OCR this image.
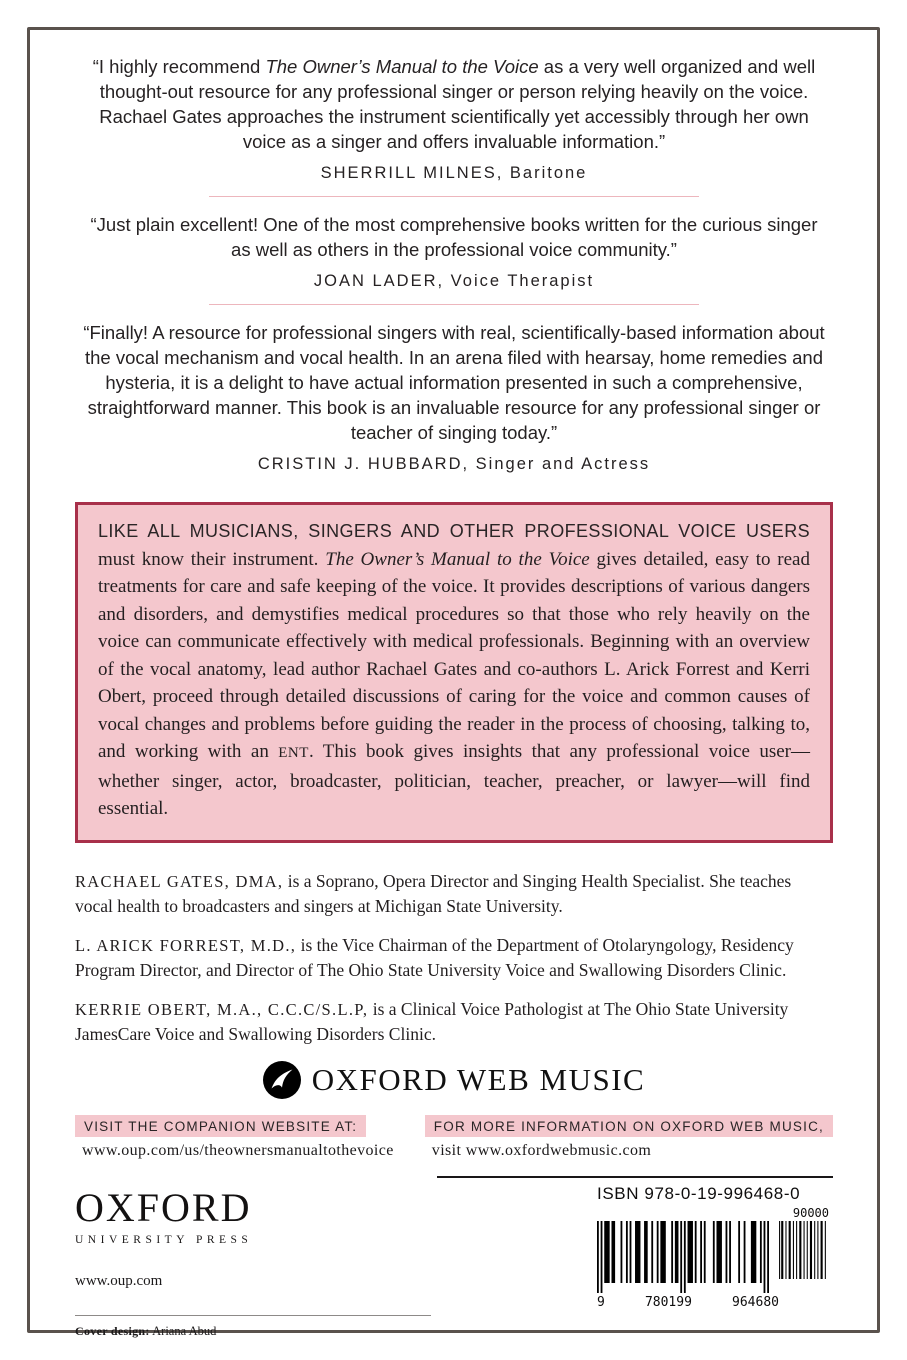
“I highly recommend The Owner’s Manual to the Voice as a very well organized and well thought-out resource for any professional singer or person relying heavily on the voice. Rachael Gates approaches the instrument scientifically yet accessibly through her own voice as a singer and offers invaluable information.”

SHERRILL MILNES, Baritone

“Just plain excellent! One of the most comprehensive books written for the curious singer as well as others in the professional voice community.”

JOAN LADER, Voice Therapist

“Finally! A resource for professional singers with real, scientifically-based information about the vocal mechanism and vocal health. In an arena filed with hearsay, home remedies and hysteria, it is a delight to have actual information presented in such a comprehensive, straightforward manner. This book is an invaluable resource for any professional singer or teacher of singing today.”

CRISTIN J. HUBBARD, Singer and Actress

LIKE ALL MUSICIANS, SINGERS AND OTHER PROFESSIONAL VOICE USERS must know their instrument. The Owner’s Manual to the Voice gives detailed, easy to read treatments for care and safe keeping of the voice. It provides descriptions of various dangers and disorders, and demystifies medical procedures so that those who rely heavily on the voice can communicate effectively with medical professionals. Beginning with an overview of the vocal anatomy, lead author Rachael Gates and co-authors L. Arick Forrest and Kerri Obert, proceed through detailed discussions of caring for the voice and common causes of vocal changes and problems before guiding the reader in the process of choosing, talking to, and working with an ENT. This book gives insights that any professional voice user—whether singer, actor, broadcaster, politician, teacher, preacher, or lawyer—will find essential.

RACHAEL GATES, DMA, is a Soprano, Opera Director and Singing Health Specialist. She teaches vocal health to broadcasters and singers at Michigan State University.

L. ARICK FORREST, M.D., is the Vice Chairman of the Department of Otolaryngology, Residency Program Director, and Director of The Ohio State University Voice and Swallowing Disorders Clinic.

KERRIE OBERT, M.A., C.C.C/S.L.P, is a Clinical Voice Pathologist at The Ohio State University JamesCare Voice and Swallowing Disorders Clinic.

OXFORD WEB MUSIC
VISIT THE COMPANION WEBSITE AT:
www.oup.com/us/theownersmanualtothevoice
FOR MORE INFORMATION ON OXFORD WEB MUSIC,
visit www.oxfordwebmusic.com
OXFORD
UNIVERSITY PRESS
www.oup.com
Cover design: Ariana Abud
ISBN 978-0-19-996468-0
90000
9	780199	964680
